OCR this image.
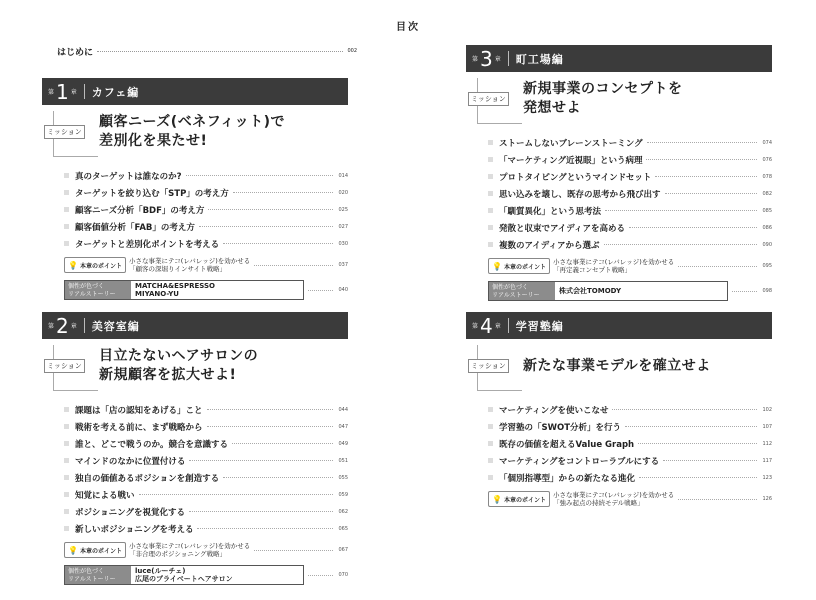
目次
はじめに	002
第 1 章 カフェ編
ミッション
顧客ニーズ(ベネフィット)で
差別化を果たせ!
真のターゲットは誰なのか?	014
ターゲットを絞り込む「STP」の考え方	020
顧客ニーズ分析「BDF」の考え方	025
顧客価値分析「FAB」の考え方	027
ターゲットと差別化ポイントを考える	030
💡 本章のポイント
小さな事業にテコ(レバレッジ)を効かせる
「顧客の深堀りインサイト戦略」	037
個性が色づく
リアルストーリー
MATCHA&ESPRESSO
MIYANO-YU	040
第 2 章 美容室編
ミッション
目立たないヘアサロンの
新規顧客を拡大せよ!
課題は「店の認知をあげる」こと	044
戦術を考える前に、まず戦略から	047
誰と、どこで戦うのか。競合を意識する	049
マインドのなかに位置付ける	051
独自の価値あるポジションを創造する	055
知覚による戦い	059
ポジショニングを視覚化する	062
新しいポジショニングを考える	065
💡 本章のポイント
小さな事業にテコ(レバレッジ)を効かせる
「非合理のポジショニング戦略」	067
個性が色づく
リアルストーリー
luce(ルーチェ)
広尾のプライベートヘアサロン	070
第 3 章 町工場編
ミッション
新規事業のコンセプトを
発想せよ
ストームしないブレーンストーミング	074
「マーケティング近視眼」という病理	076
プロトタイピングというマインドセット	078
思い込みを壊し、既存の思考から飛び出す	082
「馴質異化」という思考法	085
発散と収束でアイディアを高める	086
複数のアイディアから選ぶ	090
💡 本章のポイント
小さな事業にテコ(レバレッジ)を効かせる
「再定義コンセプト戦略」	095
個性が色づく
リアルストーリー
株式会社TOMODY	098
第 4 章 学習塾編
ミッション 新たな事業モデルを確立せよ
マーケティングを使いこなせ	102
学習塾の「SWOT分析」を行う	107
既存の価値を超えるValue Graph	112
マーケティングをコントローラブルにする	117
「個別指導型」からの新たなる進化	123
💡 本章のポイント
小さな事業にテコ(レバレッジ)を効かせる
「強み起点の持続モデル戦略」	126
